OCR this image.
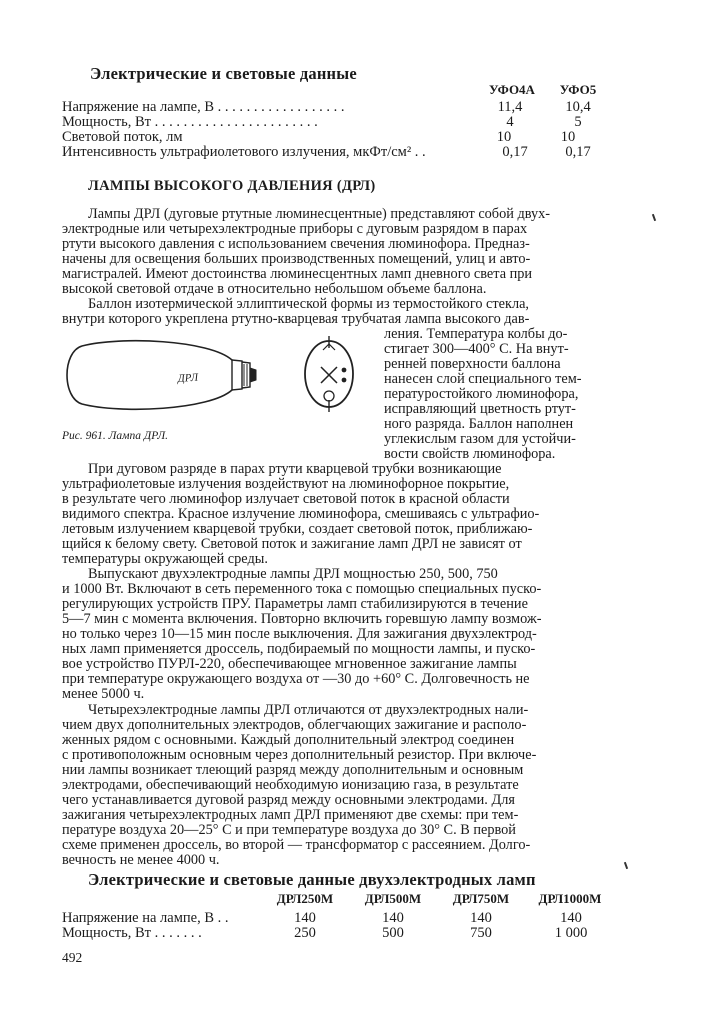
Электрические и световые данные
УФО4А	УФО5
Напряжение на лампе, В . . . . . . . . . . . . . . . . . .	11,4	10,4
Мощность, Вт . . . . . . . . . . . . . . . . . . . . . . .	4	5
Световой поток, лм	10	10
Интенсивность ультрафиолетового излучения, мкФт/см² . .	0,17	0,17
ЛАМПЫ ВЫСОКОГО ДАВЛЕНИЯ (ДРЛ)
Лампы ДРЛ (дуговые ртутные люминесцентные) представляют собой двух-
электродные или четырехэлектродные приборы с дуговым разрядом в парах
ртути высокого давления с использованием свечения люминофора. Предназ-
начены для освещения больших производственных помещений, улиц и авто-
магистралей. Имеют достоинства люминесцентных ламп дневного света при
высокой световой отдаче в относительно небольшом объеме баллона.
Баллон изотермической эллиптической формы из термостойкого стекла,
внутри которого укреплена ртутно-кварцевая трубчатая лампа высокого дав-
ления. Температура колбы до-
стигает 300—400° С. На внут-
ренней поверхности баллона
нанесен слой специального тем-
пературостойкого люминофора,
исправляющий цветность ртут-
ного разряда. Баллон наполнен
углекислым газом для устойчи-
вости свойств люминофора.
ДРЛ
Рис. 961. Лампа ДРЛ.
При дуговом разряде в парах ртути кварцевой трубки возникающие
ультрафиолетовые излучения воздействуют на люминофорное покрытие,
в результате чего люминофор излучает световой поток в красной области
видимого спектра. Красное излучение люминофора, смешиваясь с ультрафио-
летовым излучением кварцевой трубки, создает световой поток, приближаю-
щийся к белому свету. Световой поток и зажигание ламп ДРЛ не зависят от
температуры окружающей среды.
Выпускают двухэлектродные лампы ДРЛ мощностью 250, 500, 750
и 1000 Вт. Включают в сеть переменного тока с помощью специальных пуско-
регулирующих устройств ПРУ. Параметры ламп стабилизируются в течение
5—7 мин с момента включения. Повторно включить горевшую лампу возмож-
но только через 10—15 мин после выключения. Для зажигания двухэлектрод-
ных ламп применяется дроссель, подбираемый по мощности лампы, и пуско-
вое устройство ПУРЛ-220, обеспечивающее мгновенное зажигание лампы
при температуре окружающего воздуха от —30 до +60° С. Долговечность не
менее 5000 ч.
Четырехэлектродные лампы ДРЛ отличаются от двухэлектродных нали-
чием двух дополнительных электродов, облегчающих зажигание и располо-
женных рядом с основными. Каждый дополнительный электрод соединен
с противоположным основным через дополнительный резистор. При включе-
нии лампы возникает тлеющий разряд между дополнительным и основным
электродами, обеспечивающий необходимую ионизацию газа, в результате
чего устанавливается дуговой разряд между основными электродами. Для
зажигания четырехэлектродных ламп ДРЛ применяют две схемы: при тем-
пературе воздуха 20—25° С и при температуре воздуха до 30° С. В первой
схеме применен дроссель, во второй — трансформатор с рассеянием. Долго-
вечность не менее 4000 ч.
Электрические и световые данные двухэлектродных ламп
ДРЛ250М	ДРЛ500М	ДРЛ750М	ДРЛ1000М
Напряжение на лампе, В . .	140	140	140	140
Мощность, Вт . . . . . . .	250	500	750	1 000
492
